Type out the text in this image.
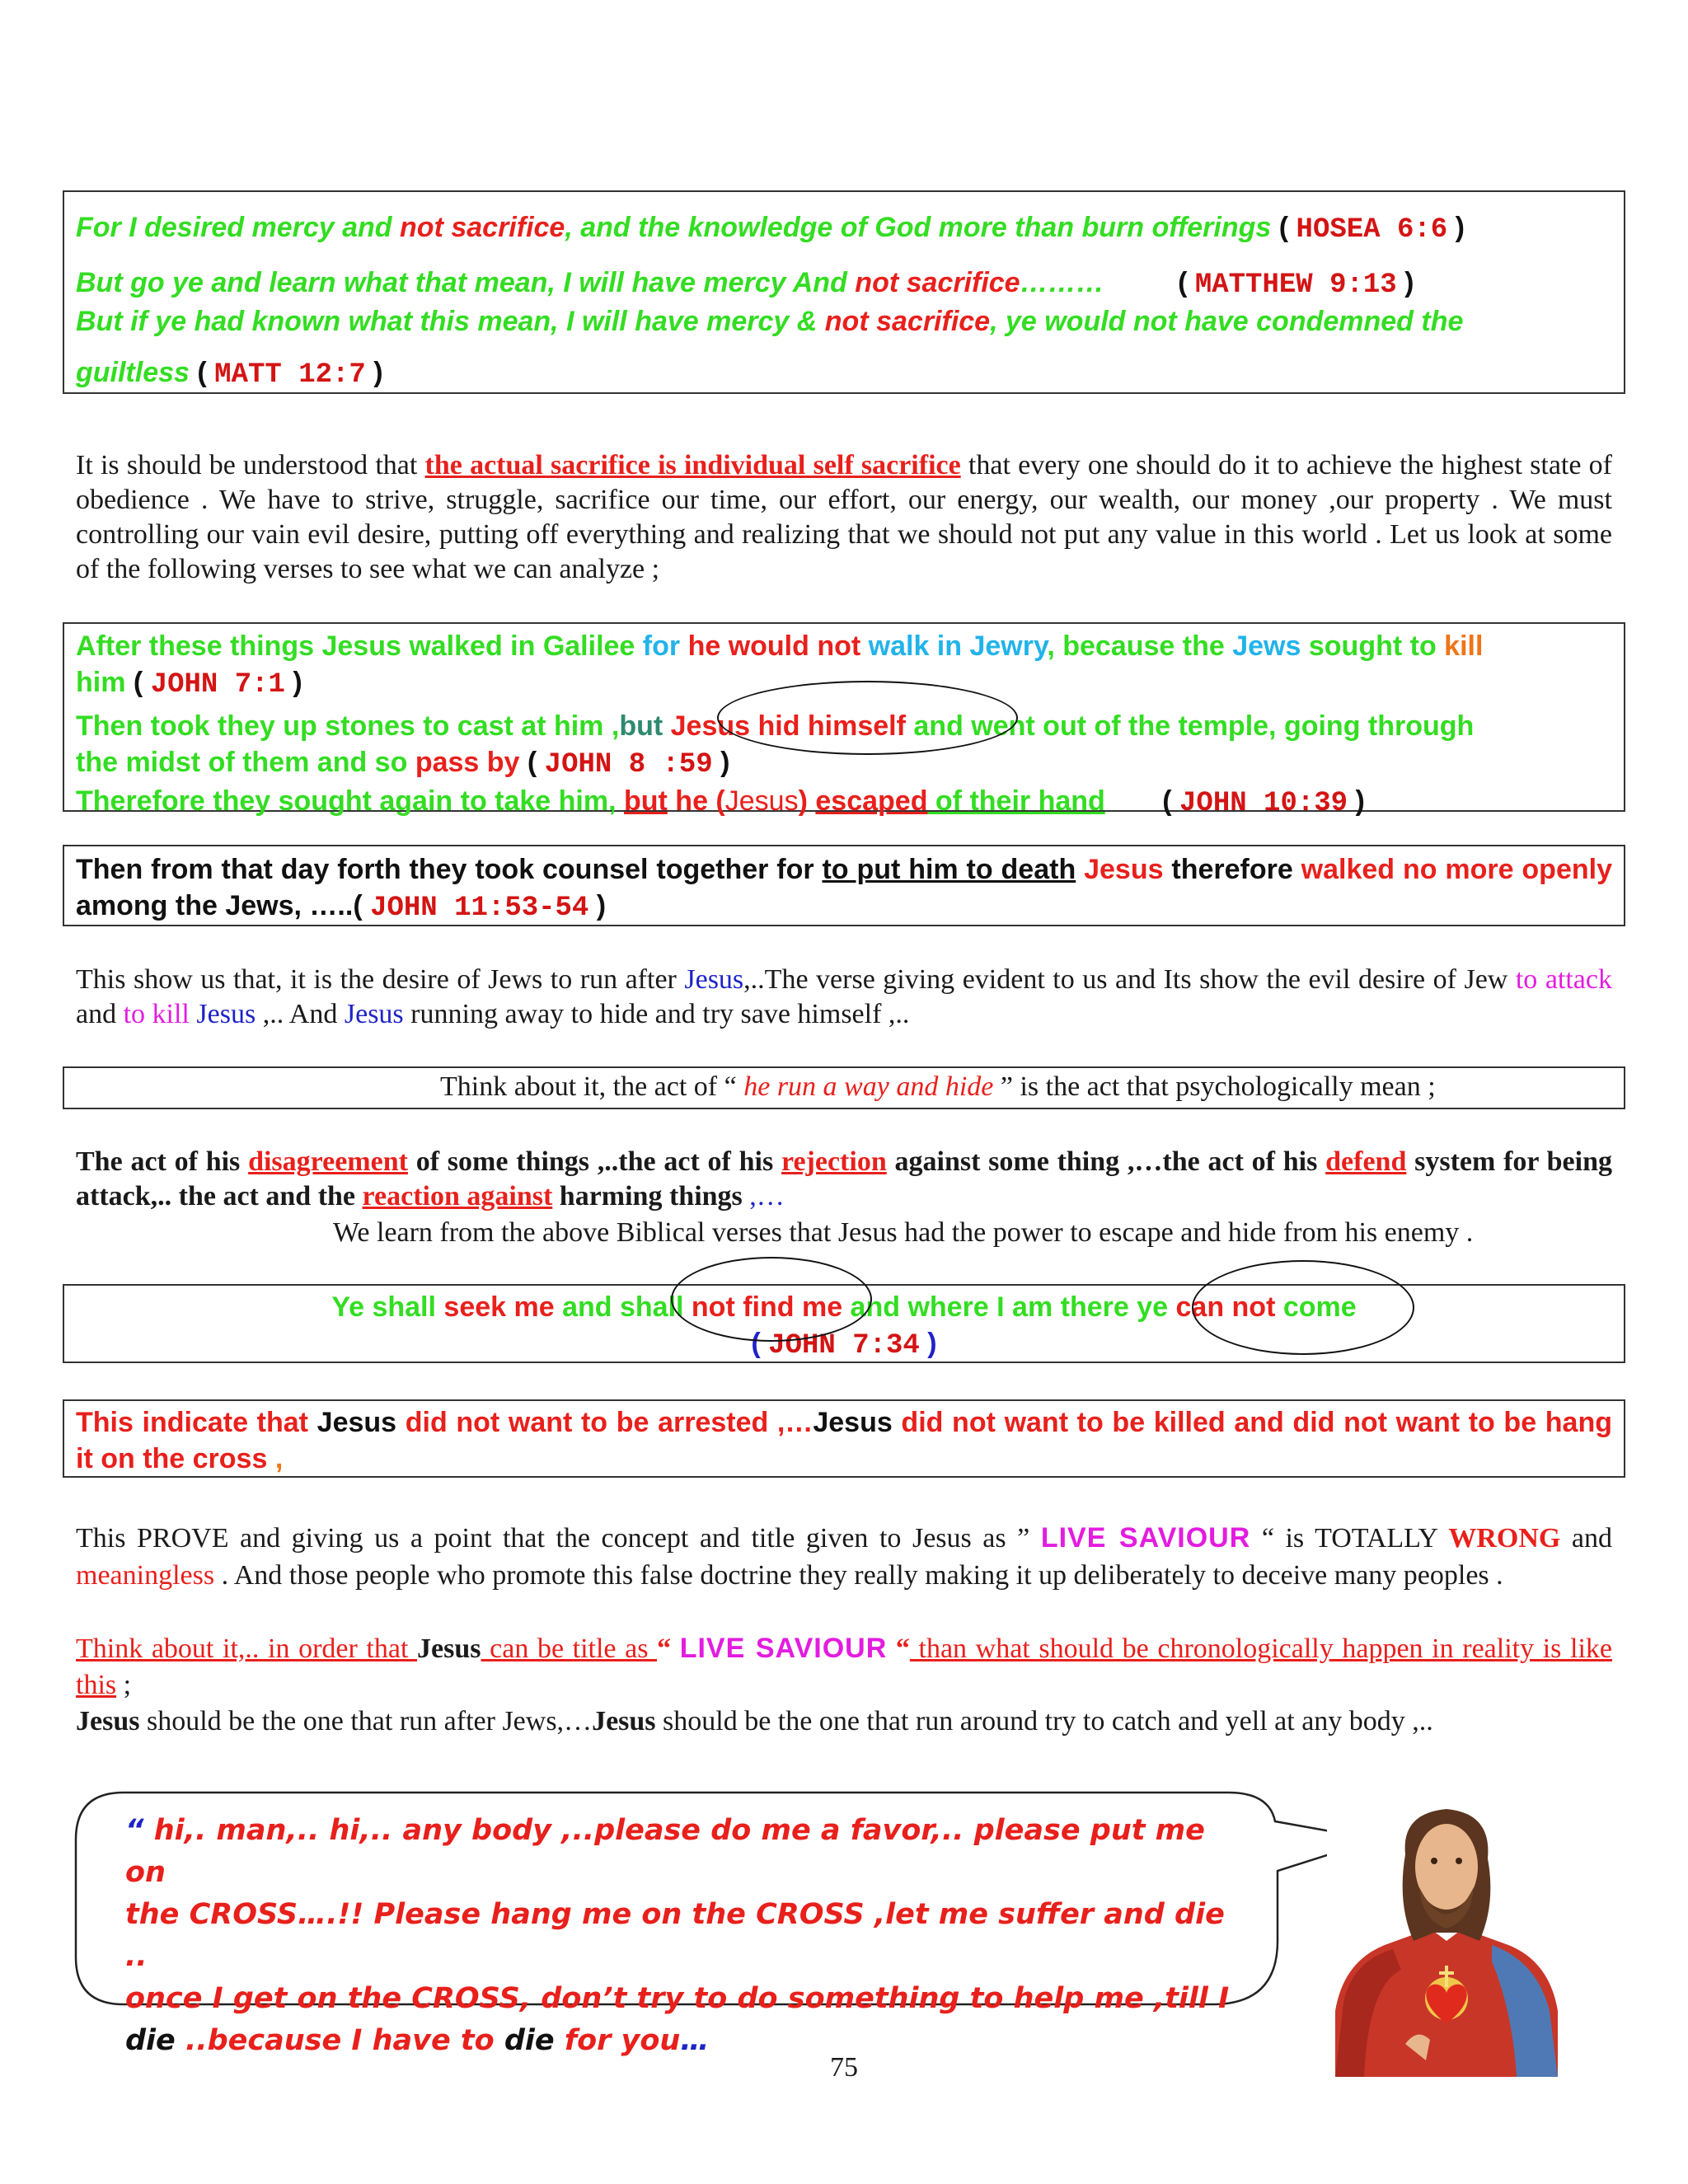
For I desired mercy and not sacrifice, and the knowledge of God more than burn offerings ( HOSEA 6:6 )
But go ye and learn what that mean, I will have mercy And not sacrifice………	( MATTHEW 9:13 )
But if ye had known what this mean, I will have mercy & not sacrifice, ye would not have condemned the
guiltless ( MATT 12:7 )

It is should be understood that the actual sacrifice is individual self sacrifice that every one should do it to achieve the highest state of obedience . We have to strive, struggle, sacrifice our time, our effort, our energy, our wealth, our money ,our property . We must controlling our vain evil desire, putting off everything and realizing that we should not put any value in this world . Let us look at some of the following verses to see what we can analyze ;

After these things Jesus walked in Galilee for he would not walk in Jewry, because the Jews sought to kill
him ( JOHN 7:1 )
Then took they up stones to cast at him ,but Jesus hid himself and went out of the temple, going through
the midst of them and so pass by ( JOHN 8 :59 )
Therefore they sought again to take him, but he (Jesus) escaped of their hand ( JOHN 10:39 )
Then from that day forth they took counsel together for to put him to death Jesus therefore walked no more openly among the Jews, …..( JOHN 11:53-54 )

This show us that, it is the desire of Jews to run after Jesus,..The verse giving evident to us and Its show the evil desire of Jew to attack and to kill Jesus ,.. And Jesus running away to hide and try save himself ,..

Think about it, the act of “ he run a way and hide ” is the act that psychologically mean ;

The act of his disagreement of some things ,..the act of his rejection against some thing ,…the act of his defend system for being attack,.. the act and the reaction against harming things ,…

We learn from the above Biblical verses that Jesus had the power to escape and hide from his enemy .

Ye shall seek me and shall not find me and where I am there ye can not come
( JOHN 7:34 )
This indicate that Jesus did not want to be arrested ,…Jesus did not want to be killed and did not want to be hang it on the cross ,

This PROVE and giving us a point that the concept and title given to Jesus as ” LIVE SAVIOUR “ is TOTALLY WRONG and meaningless . And those people who promote this false doctrine they really making it up deliberately to deceive many peoples .

Think about it,.. in order that Jesus can be title as “ LIVE SAVIOUR “ than what should be chronologically happen in reality is like this ;

Jesus should be the one that run after Jews,…Jesus should be the one that run around try to catch and yell at any body ,..

“ hi,. man,.. hi,.. any body ,..please do me a favor,.. please put me on
the CROSS….!! Please hang me on the CROSS ,let me suffer and die ..
once I get on the CROSS, don’t try to do something to help me ,till I
die ..because I have to die for you…
75
